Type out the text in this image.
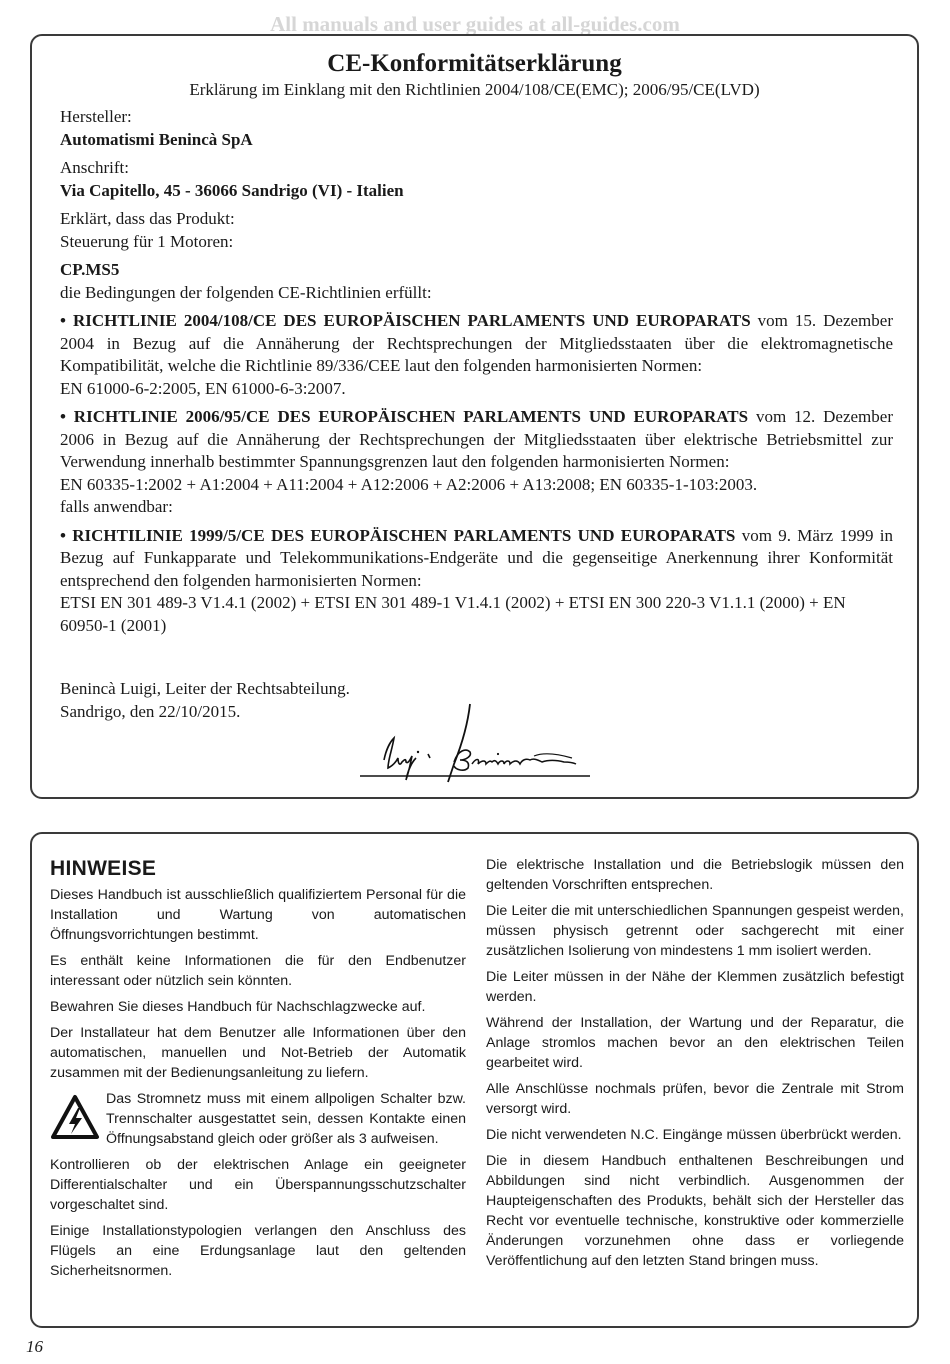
All manuals and user guides at all-guides.com
CE-Konformitätserklärung
Erklärung im Einklang mit den Richtlinien 2004/108/CE(EMC); 2006/95/CE(LVD)

Hersteller:

Automatismi Benincà SpA

Anschrift:

Via Capitello, 45 - 36066 Sandrigo (VI) - Italien

Erklärt, dass das Produkt:

Steuerung für 1 Motoren:

CP.MS5

die Bedingungen der folgenden CE-Richtlinien erfüllt:

• RICHTLINIE 2004/108/CE DES EUROPÄISCHEN PARLAMENTS UND EUROPARATS vom 15. Dezember 2004 in Bezug auf die Annäherung der Rechtsprechungen der Mitgliedsstaaten über die elektromagnetische Kompatibilität, welche die Richtlinie 89/336/CEE laut den folgenden harmonisierten Normen:

EN 61000-6-2:2005, EN 61000-6-3:2007.

• RICHTLINIE 2006/95/CE DES EUROPÄISCHEN PARLAMENTS UND EUROPARATS vom 12. Dezember 2006 in Bezug auf die Annäherung der Rechtsprechungen der Mitgliedsstaaten über elektrische Betriebsmittel zur Verwendung innerhalb bestimmter Spannungsgrenzen laut den folgenden harmonisierten Normen:

EN 60335-1:2002 + A1:2004 + A11:2004 + A12:2006 + A2:2006 + A13:2008; EN 60335-1-103:2003.

falls anwendbar:

• RICHTILINIE 1999/5/CE DES EUROPÄISCHEN PARLAMENTS UND EUROPARATS vom 9. März 1999 in Bezug auf Funkapparate und Telekommunikations-Endgeräte und die gegenseitige Anerkennung ihrer Konformität entsprechend den folgenden harmonisierten Normen:

ETSI EN 301 489-3 V1.4.1 (2002) + ETSI EN 301 489-1 V1.4.1 (2002) + ETSI EN 300 220-3 V1.1.1 (2000) + EN 60950-1 (2001)

Benincà Luigi, Leiter der Rechtsabteilung.
Sandrigo, den 22/10/2015.
HINWEISE

Dieses Handbuch ist ausschließlich qualifiziertem Personal für die Installation und Wartung von automatischen Öffnungsvorrichtungen bestimmt.

Es enthält keine Informationen die für den Endbenutzer interessant oder nützlich sein könnten.

Bewahren Sie dieses Handbuch für Nachschlagzwecke auf.

Der Installateur hat dem Benutzer alle Informationen über den automatischen, manuellen und Not-Betrieb der Automatik zusammen mit der Bedienungsanleitung zu liefern.

Das Stromnetz muss mit einem allpoligen Schalter bzw. Trennschalter ausgestattet sein, dessen Kontakte einen Öffnungsabstand gleich oder größer als 3 aufweisen.

Kontrollieren ob der elektrischen Anlage ein geeigneter Differentialschalter und ein Überspannungsschutzschalter vorgeschaltet sind.

Einige Installationstypologien verlangen den Anschluss des Flügels an eine Erdungsanlage laut den geltenden Sicherheitsnormen.

Die elektrische Installation und die Betriebslogik müssen den geltenden Vorschriften entsprechen.

Die Leiter die mit unterschiedlichen Spannungen gespeist werden, müssen physisch getrennt oder sachgerecht mit einer zusätzlichen Isolierung von mindestens 1 mm isoliert werden.

Die Leiter müssen in der Nähe der Klemmen zusätzlich befestigt werden.

Während der Installation, der Wartung und der Reparatur, die Anlage stromlos machen bevor an den elektrischen Teilen gearbeitet wird.

Alle Anschlüsse nochmals prüfen, bevor die Zentrale mit Strom versorgt wird.

Die nicht verwendeten N.C. Eingänge müssen überbrückt werden.

Die in diesem Handbuch enthaltenen Beschreibungen und Abbildungen sind nicht verbindlich. Ausgenommen der Haupteigenschaften des Produkts, behält sich der Hersteller das Recht vor eventuelle technische, konstruktive oder kommerzielle Änderungen vorzunehmen ohne dass er vorliegende Veröffentlichung auf den letzten Stand bringen muss.

16
